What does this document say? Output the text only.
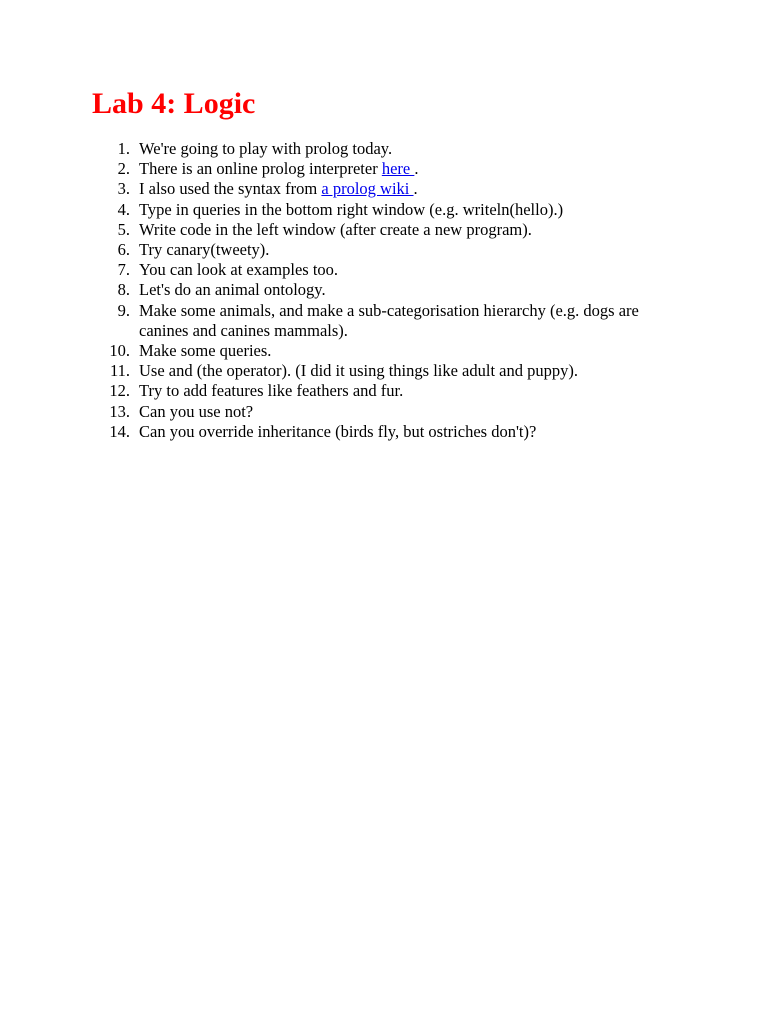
Lab 4: Logic
1. We're going to play with prolog today.
2. There is an online prolog interpreter here .
3. I also used the syntax from a prolog wiki .
4. Type in queries in the bottom right window (e.g. writeln(hello).)
5. Write code in the left window (after create a new program).
6. Try canary(tweety).
7. You can look at examples too.
8. Let's do an animal ontology.
9. Make some animals, and make a sub-categorisation hierarchy (e.g. dogs are canines and canines mammals).
10. Make some queries.
11. Use and (the operator). (I did it using things like adult and puppy).
12. Try to add features like feathers and fur.
13. Can you use not?
14. Can you override inheritance (birds fly, but ostriches don't)?
